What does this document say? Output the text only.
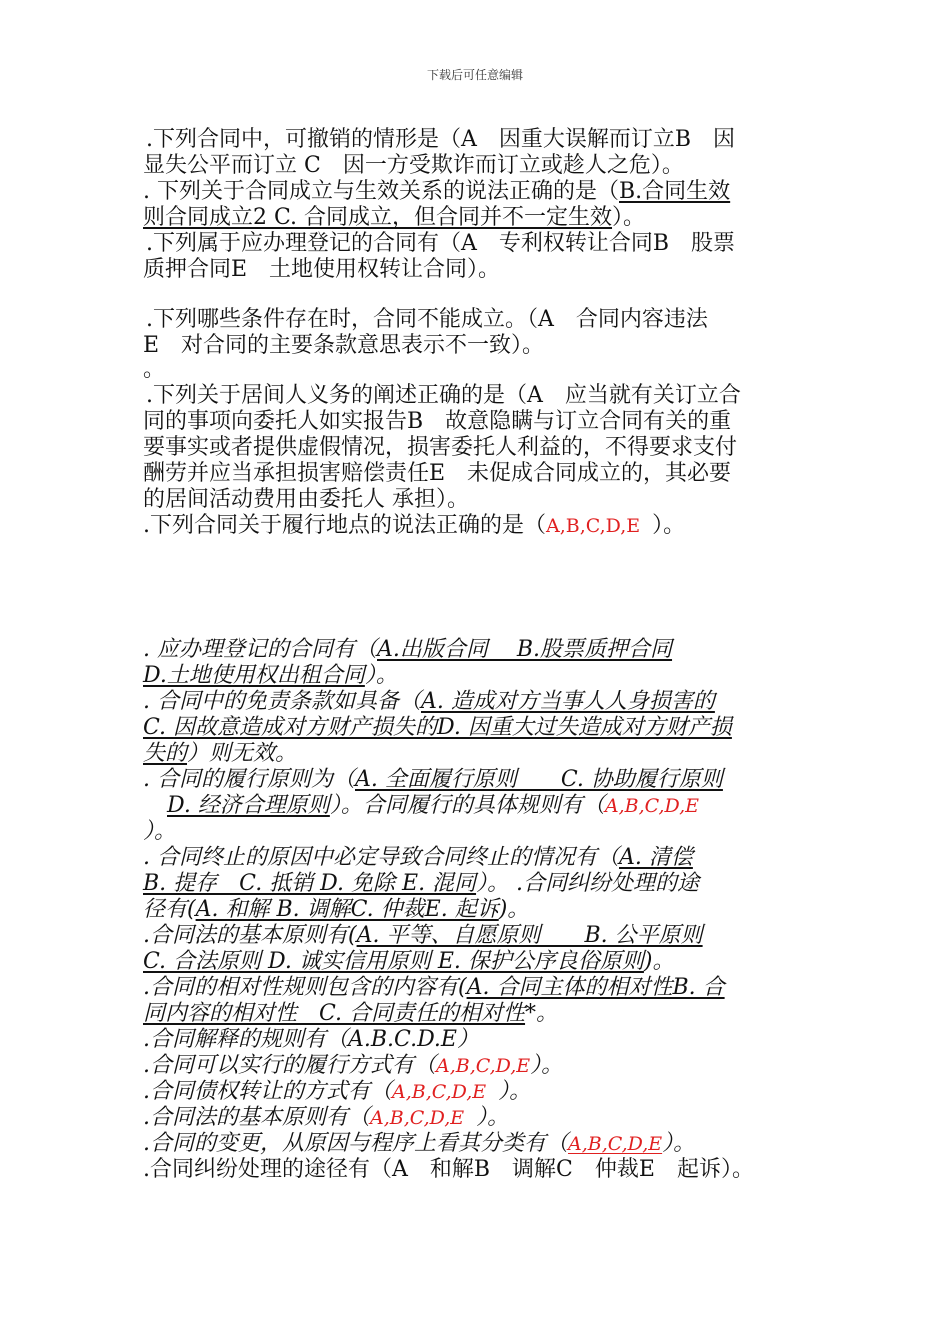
下载后可任意编辑
.下列合同中，可撤销的情形是（A　因重大误解而订立B　因
显失公平而订立 C　因一方受欺诈而订立或趁人之危）。
. 下列关于合同成立与生效关系的说法正确的是（B.合同生效
则合同成立2 C. 合同成立，但合同并不一定生效）。
.下列属于应办理登记的合同有（A　专利权转让合同B　股票
质押合同E　土地使用权转让合同）。
.下列哪些条件存在时，合同不能成立。（A　合同内容违法
E　对合同的主要条款意思表示不一致）。
。
.下列关于居间人义务的阐述正确的是（A　应当就有关订立合
同的事项向委托人如实报告B　故意隐瞒与订立合同有关的重
要事实或者提供虚假情况，损害委托人利益的，不得要求支付
酬劳并应当承担损害赔偿责任E　未促成合同成立的，其必要
的居间活动费用由委托人 承担）。
.下列合同关于履行地点的说法正确的是（A,B,C,D,E ）。
. 应办理登记的合同有（A.出版合同　 B.股票质押合同
D.土地使用权出租合同）。
. 合同中的免责条款如具备（A. 造成对方当事人人身损害的
C. 因故意造成对方财产损失的D. 因重大过失造成对方财产损
失的）则无效。
. 合同的履行原则为（A. 全面履行原则　　C. 协助履行原则
D. 经济合理原则）。合同履行的具体规则有（A,B,C,D,E
）。
. 合同终止的原因中必定导致合同终止的情况有（A. 清偿
B. 提存　C. 抵销 D. 免除 E. 混同）。 .合同纠纷处理的途
径有(A. 和解 B. 调解C. 仲裁E. 起诉)。
.合同法的基本原则有(A. 平等、自愿原则　　B. 公平原则
C. 合法原则 D. 诚实信用原则 E. 保护公序良俗原则)。
.合同的相对性规则包含的内容有(A. 合同主体的相对性B. 合
同内容的相对性　C. 合同责任的相对性*。
.合同解释的规则有（A.B.C.D.E）
.合同可以实行的履行方式有（A,B,C,D,E）。
.合同债权转让的方式有（A,B,C,D,E ）。
.合同法的基本原则有（A,B,C,D,E ）。
.合同的变更，从原因与程序上看其分类有（A,B,C,D,E）。
.合同纠纷处理的途径有（A　和解B　调解C　仲裁E　起诉）。
